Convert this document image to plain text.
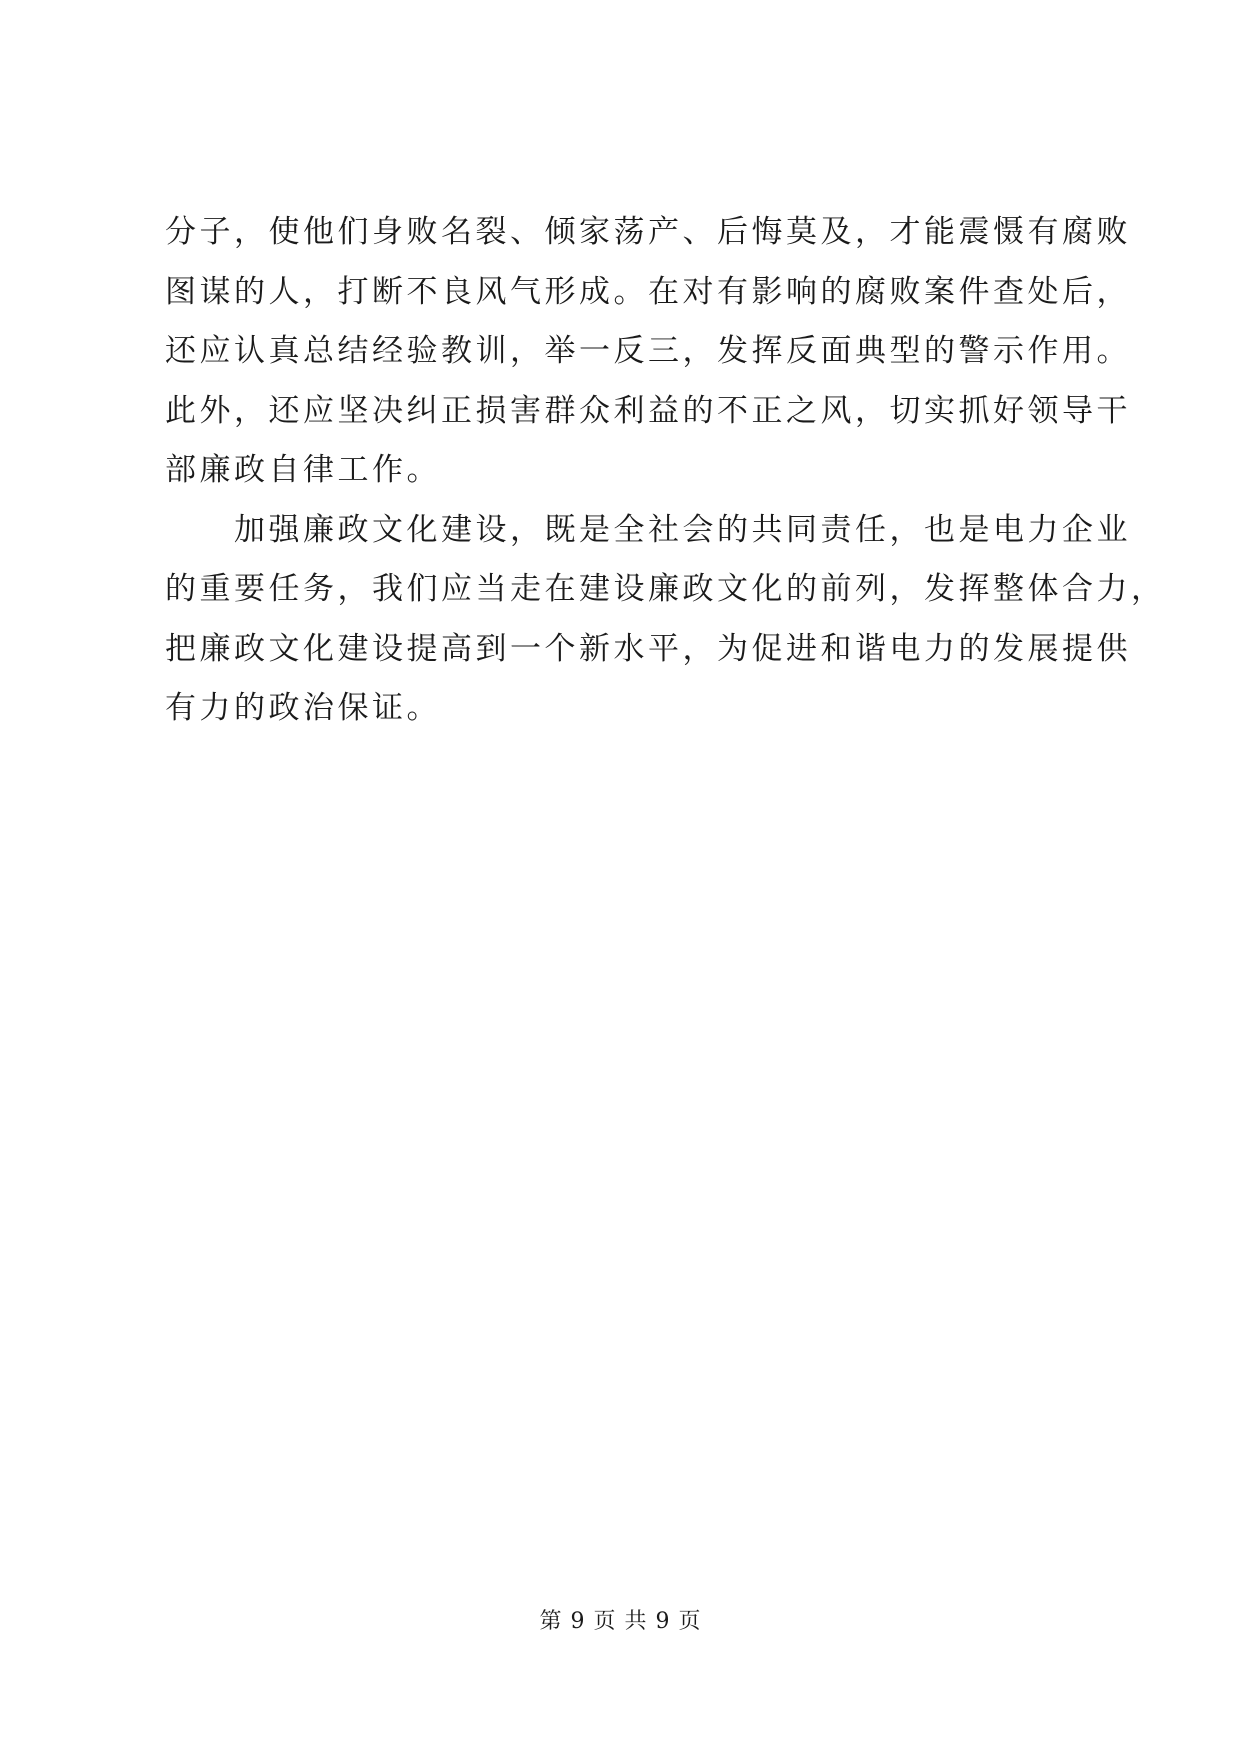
分子，使他们身败名裂、倾家荡产、后悔莫及，才能震慑有腐败
图谋的人，打断不良风气形成。在对有影响的腐败案件查处后，
还应认真总结经验教训，举一反三，发挥反面典型的警示作用。
此外，还应坚决纠正损害群众利益的不正之风，切实抓好领导干
部廉政自律工作。
　　加强廉政文化建设，既是全社会的共同责任，也是电力企业
的重要任务，我们应当走在建设廉政文化的前列，发挥整体合力，
把廉政文化建设提高到一个新水平，为促进和谐电力的发展提供
有力的政治保证。
第 9 页 共 9 页
